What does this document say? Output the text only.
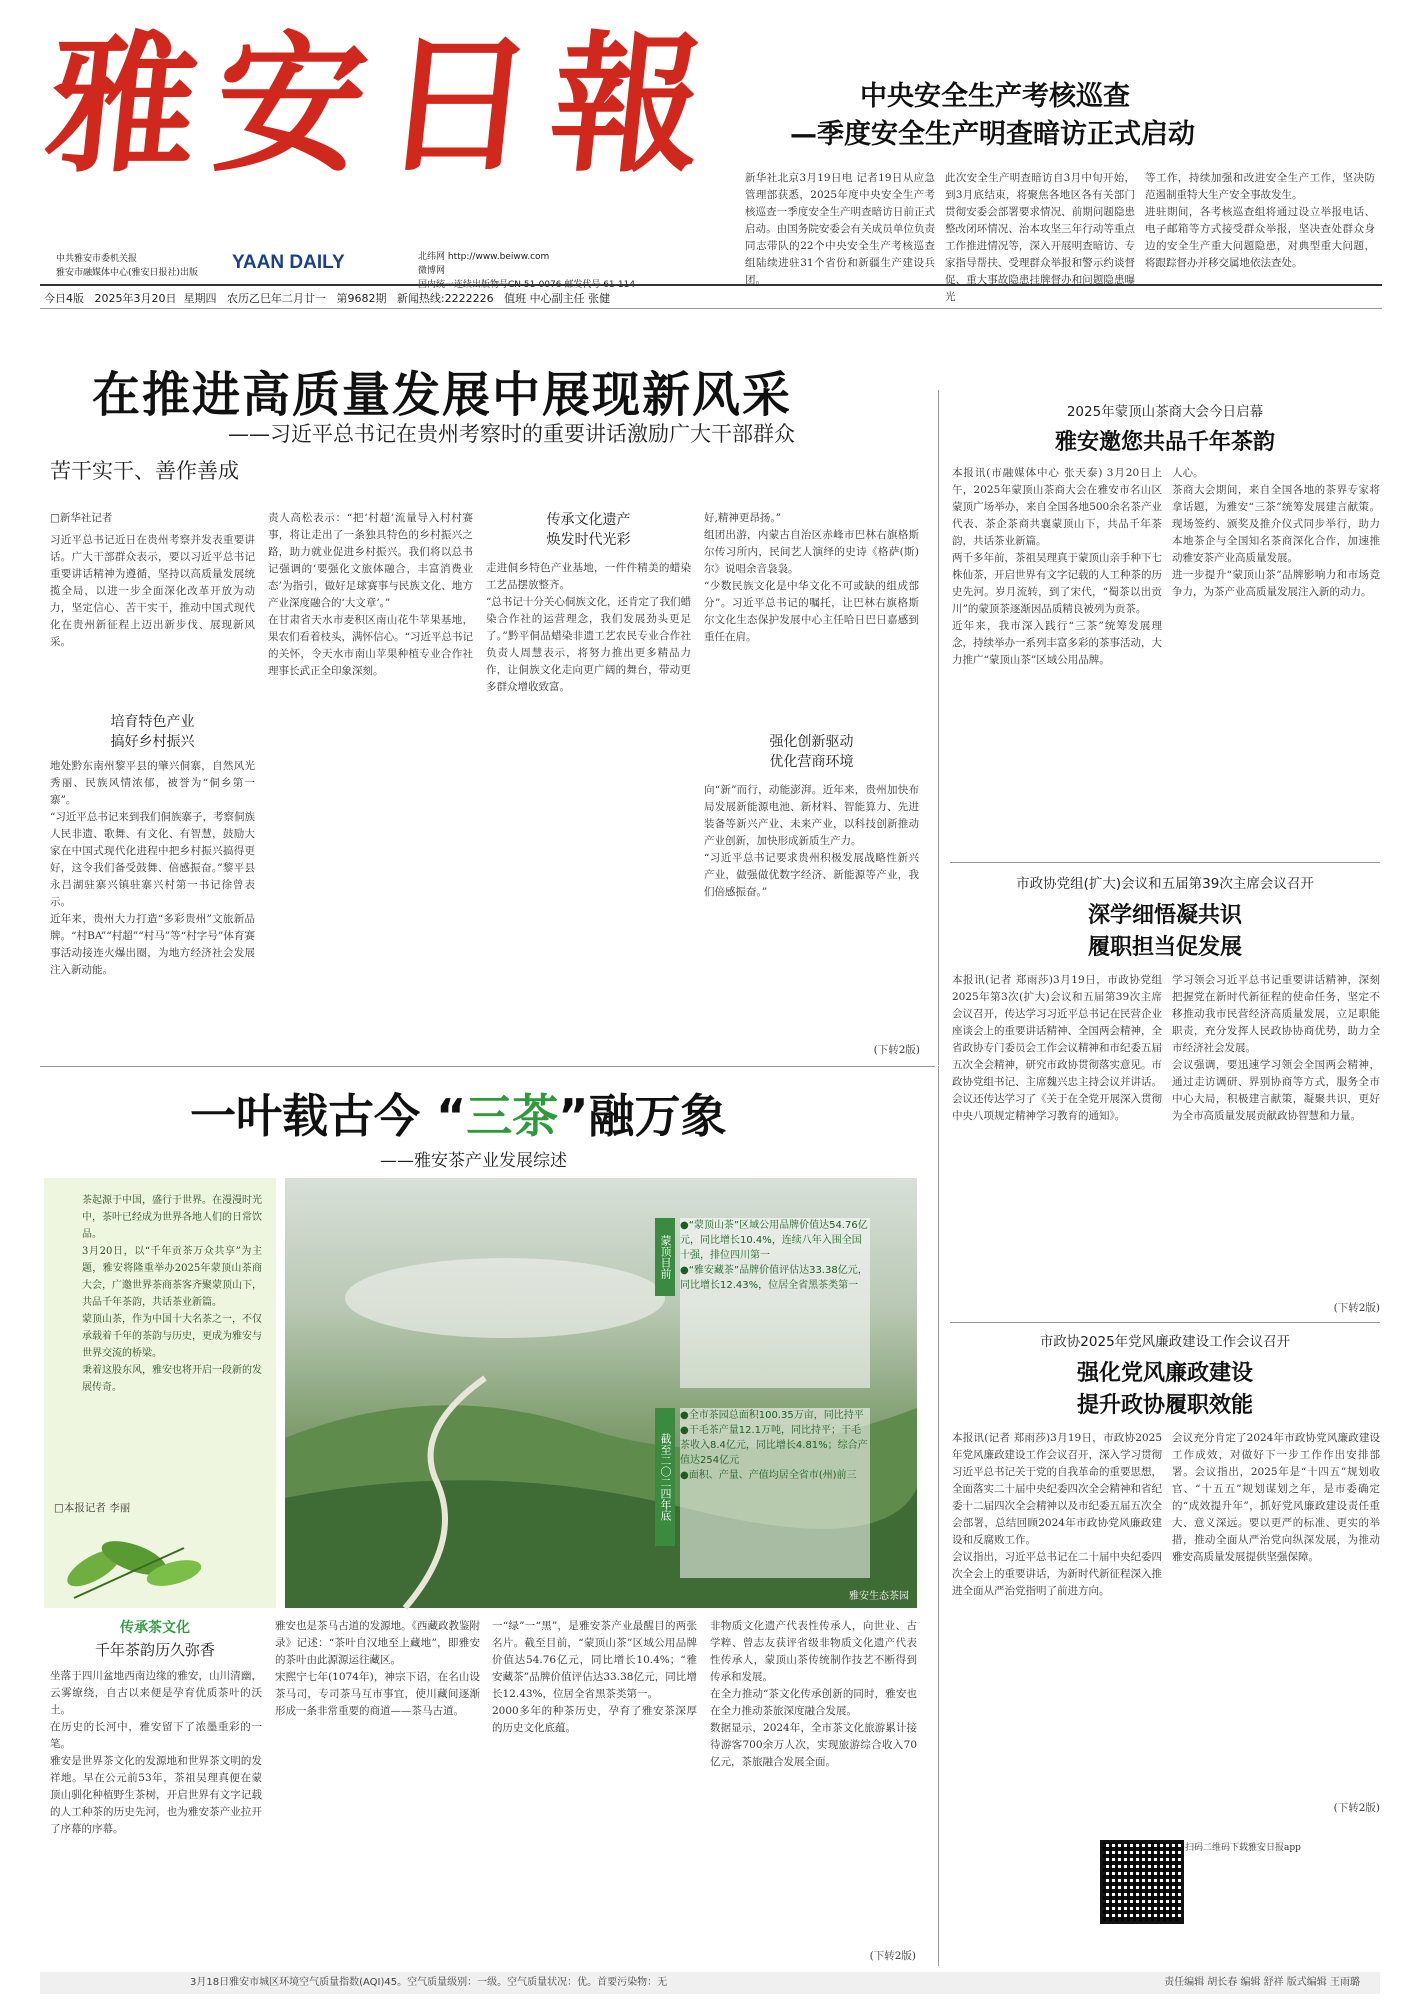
雅安日報
中共雅安市委机关报
雅安市融媒体中心(雅安日报社)出版 YAAN DAILY	北纬网 http://www.beiww.com
微博网
国内统一连续出版物号CN 51-0076 邮发代号 61-114
今日4版   2025年3月20日  星期四   农历乙巳年二月廿一   第9682期   新闻热线:2222226   值班 中心副主任 张健
中央安全生产考核巡查
—季度安全生产明查暗访正式启动
新华社北京3月19日电 记者19日从应急管理部获悉，2025年度中央安全生产考核巡查一季度安全生产明查暗访日前正式启动。由国务院安委会有关成员单位负责同志带队的22个中央安全生产考核巡查组陆续进驻31个省份和新疆生产建设兵团。
此次安全生产明查暗访自3月中旬开始，到3月底结束，将聚焦各地区各有关部门贯彻安委会部署要求情况、前期问题隐患整改闭环情况、治本攻坚三年行动等重点工作推进情况等，深入开展明查暗访、专家指导帮扶、受理群众举报和警示约谈督促、重大事故隐患挂牌督办和问题隐患曝光
等工作，持续加强和改进安全生产工作，坚决防范遏制重特大生产安全事故发生。
进驻期间，各考核巡查组将通过设立举报电话、电子邮箱等方式接受群众举报，坚决查处群众身边的安全生产重大问题隐患，对典型重大问题，将跟踪督办并移交属地依法查处。
在推进高质量发展中展现新风采
——习近平总书记在贵州考察时的重要讲话激励广大干部群众
苦干实干、善作善成
□新华社记者
习近平总书记近日在贵州考察并发表重要讲话。广大干部群众表示，要以习近平总书记重要讲话精神为遵循，坚持以高质量发展统揽全局，以进一步全面深化改革开放为动力，坚定信心、苦干实干，推动中国式现代化在贵州新征程上迈出新步伐、展现新风采。
培育特色产业
搞好乡村振兴
地处黔东南州黎平县的肇兴侗寨，自然风光秀丽、民族风情浓郁，被誉为“侗乡第一寨”。
“习近平总书记来到我们侗族寨子，考察侗族人民非遗、歌舞、有文化、有智慧，鼓励大家在中国式现代化进程中把乡村振兴搞得更好，这令我们备受鼓舞、倍感振奋。”黎平县永吕湖驻寨兴镇驻寨兴村第一书记徐曾表示。
近年来，贵州大力打造“多彩贵州”文旅新品牌。“村BA”“村超”“村马”等“村字号”体育赛事活动接连火爆出圈，为地方经济社会发展注入新动能。
责人高松表示：“把‘村超’流量导入村村赛事，将让走出了一条独具特色的乡村振兴之路，助力就业促进乡村振兴。我们将以总书记强调的‘要强化文旅体融合，丰富消费业态’为指引，做好足球赛事与民族文化、地方产业深度融合的‘大文章’。”
在甘肃省天水市麦积区南山花牛苹果基地，果农们看着枝头，满怀信心。“习近平总书记的关怀，令天水市南山苹果种植专业合作社理事长武正全印象深刻。
传承文化遗产
焕发时代光彩
走进侗乡特色产业基地，一件件精美的蜡染工艺品摆放整齐。
“总书记十分关心侗族文化，还肯定了我们蜡染合作社的运营理念，我们发展劲头更足了。”黔平侗品蜡染非遗工艺农民专业合作社负责人周慧表示，将努力推出更多精品力作，让侗族文化走向更广阔的舞台，带动更多群众增收致富。
好,精神更昂扬。”
组团出游，内蒙古自治区赤峰市巴林右旗格斯尔传习所内，民间艺人演绎的史诗《格萨(斯)尔》说唱余音袅袅。
“少数民族文化是中华文化不可或缺的组成部分”。习近平总书记的嘱托，让巴林右旗格斯尔文化生态保护发展中心主任哈日巴日嘉感到重任在肩。
强化创新驱动
优化营商环境
向“新”而行，动能澎湃。近年来，贵州加快布局发展新能源电池、新材料、智能算力、先进装备等新兴产业、未来产业，以科技创新推动产业创新，加快形成新质生产力。
“习近平总书记要求贵州积极发展战略性新兴产业，做强做优数字经济、新能源等产业，我们倍感振奋。”
(下转2版)
2025年蒙顶山茶商大会今日启幕
雅安邀您共品千年茶韵
本报讯(市融媒体中心 张天泰) 3月20日上午，2025年蒙顶山茶商大会在雅安市名山区蒙顶广场举办，来自全国各地500余名茶产业代表、茶企茶商共襄蒙顶山下，共品千年茶韵，共话茶业新篇。
两千多年前，茶祖吴理真于蒙顶山亲手种下七株仙茶，开启世界有文字记载的人工种茶的历史先河。岁月流转，到了宋代，“蜀茶以出贡川”的蒙顶茶逐渐因品质精良被列为贡茶。
近年来，我市深入践行“三茶”统筹发展理念，持续举办一系列丰富多彩的茶事活动，大力推广“蒙顶山茶”区域公用品牌。
人心。
茶商大会期间，来自全国各地的茶界专家将拿话题，为雅安“三茶”统筹发展建言献策。现场签约、颁奖及推介仪式同步举行，助力本地茶企与全国知名茶商深化合作，加速推动雅安茶产业高质量发展。
进一步提升“蒙顶山茶”品牌影响力和市场竞争力，为茶产业高质量发展注入新的动力。
市政协党组(扩大)会议和五届第39次主席会议召开
深学细悟凝共识
履职担当促发展
本报讯(记者 郑雨莎)3月19日，市政协党组2025年第3次(扩大)会议和五届第39次主席会议召开，传达学习习近平总书记在民营企业座谈会上的重要讲话精神、全国两会精神，全省政协专门委员会工作会议精神和市纪委五届五次全会精神，研究市政协贯彻落实意见。市政协党组书记、主席魏兴忠主持会议并讲话。
会议还传达学习了《关于在全党开展深入贯彻中央八项规定精神学习教育的通知》。
学习领会习近平总书记重要讲话精神，深刻把握党在新时代新征程的使命任务，坚定不移推动我市民营经济高质量发展，立足职能职责，充分发挥人民政协协商优势，助力全市经济社会发展。
会议强调，要迅速学习领会全国两会精神，通过走访调研、界别协商等方式，服务全市中心大局，积极建言献策，凝聚共识，更好为全市高质量发展贡献政协智慧和力量。
(下转2版)
市政协2025年党风廉政建设工作会议召开
强化党风廉政建设
提升政协履职效能
本报讯(记者 郑雨莎)3月19日，市政协2025年党风廉政建设工作会议召开，深入学习贯彻习近平总书记关于党的自我革命的重要思想，全面落实二十届中央纪委四次全会精神和省纪委十二届四次全会精神以及市纪委五届五次全会部署，总结回顾2024年市政协党风廉政建设和反腐败工作。
会议指出，习近平总书记在二十届中央纪委四次全会上的重要讲话，为新时代新征程深入推进全面从严治党指明了前进方向。
会议充分肯定了2024年市政协党风廉政建设工作成效，对做好下一步工作作出安排部署。会议指出，2025年是“十四五”规划收官、“十五五”规划谋划之年，是市委确定的“成效提升年”，抓好党风廉政建设责任重大、意义深远。要以更严的标准、更实的举措，推动全面从严治党向纵深发展，为推动雅安高质量发展提供坚强保障。
(下转2版)
扫码二维码下载雅安日报app
一叶载古今 “三茶”融万象
——雅安茶产业发展综述
茶起源于中国，盛行于世界。在漫漫时光中，茶叶已经成为世界各地人们的日常饮品。
3月20日，以“千年贡茶万众共享”为主题，雅安将隆重举办2025年蒙顶山茶商大会，广邀世界茶商茶客齐聚蒙顶山下，共品千年茶韵，共话茶业新篇。
蒙顶山茶，作为中国十大名茶之一，不仅承载着千年的茶韵与历史，更成为雅安与世界交流的桥梁。
秉着这股东风，雅安也将开启一段新的发展传奇。
□本报记者 李丽
●“蒙顶山茶”区域公用品牌价值达54.76亿元，同比增长10.4%，连续八年入围全国十强，排位四川第一
●“雅安藏茶”品牌价值评估达33.38亿元，同比增长12.43%，位居全省黑茶类第一
●全市茶园总面积100.35万亩，同比持平
●干毛茶产量12.1万吨，同比持平；干毛茶收入8.4亿元，同比增长4.81%；综合产值达254亿元
●面积、产量、产值均居全省市(州)前三
蒙顶目前
截至二〇二四年底
雅安生态茶园
传承茶文化
千年茶韵历久弥香
坐落于四川盆地西南边缘的雅安，山川清幽，云雾缭绕，自古以来便是孕育优质茶叶的沃土。
在历史的长河中，雅安留下了浓墨重彩的一笔。
雅安是世界茶文化的发源地和世界茶文明的发祥地。早在公元前53年，茶祖吴理真便在蒙顶山驯化种植野生茶树，开启世界有文字记载的人工种茶的历史先河，也为雅安茶产业拉开了序幕的序幕。
雅安也是茶马古道的发源地。《西藏政教鉴附录》记述：“茶叶自汉地至上藏地”，即雅安的茶叶由此源源运往藏区。
宋熙宁七年(1074年)，神宗下诏，在名山设茶马司，专司茶马互市事宜，使川藏间逐渐形成一条非常重要的商道——茶马古道。
一“绿”一“黑”，是雅安茶产业最醒目的两张名片。截至目前，“蒙顶山茶”区域公用品牌价值达54.76亿元，同比增长10.4%；“雅安藏茶”品牌价值评估达33.38亿元，同比增长12.43%，位居全省黑茶类第一。
2000多年的种茶历史，孕育了雅安茶深厚的历史文化底蕴。
非物质文化遗产代表性传承人，向世业、古学粹、曾志友获评省级非物质文化遗产代表性传承人，蒙顶山茶传统制作技艺不断得到传承和发展。
在全力推动“茶文化传承创新的同时，雅安也在全力推动茶旅深度融合发展。
数据显示，2024年，全市茶文化旅游累计接待游客700余万人次，实现旅游综合收入70亿元，茶旅融合发展全面。
(下转2版)
3月18日雅安市城区环境空气质量指数(AQI)45。空气质量级别：一级。空气质量状况：优。首要污染物：无	责任编辑 胡长春 编辑 舒祥 版式编辑 王雨璐
